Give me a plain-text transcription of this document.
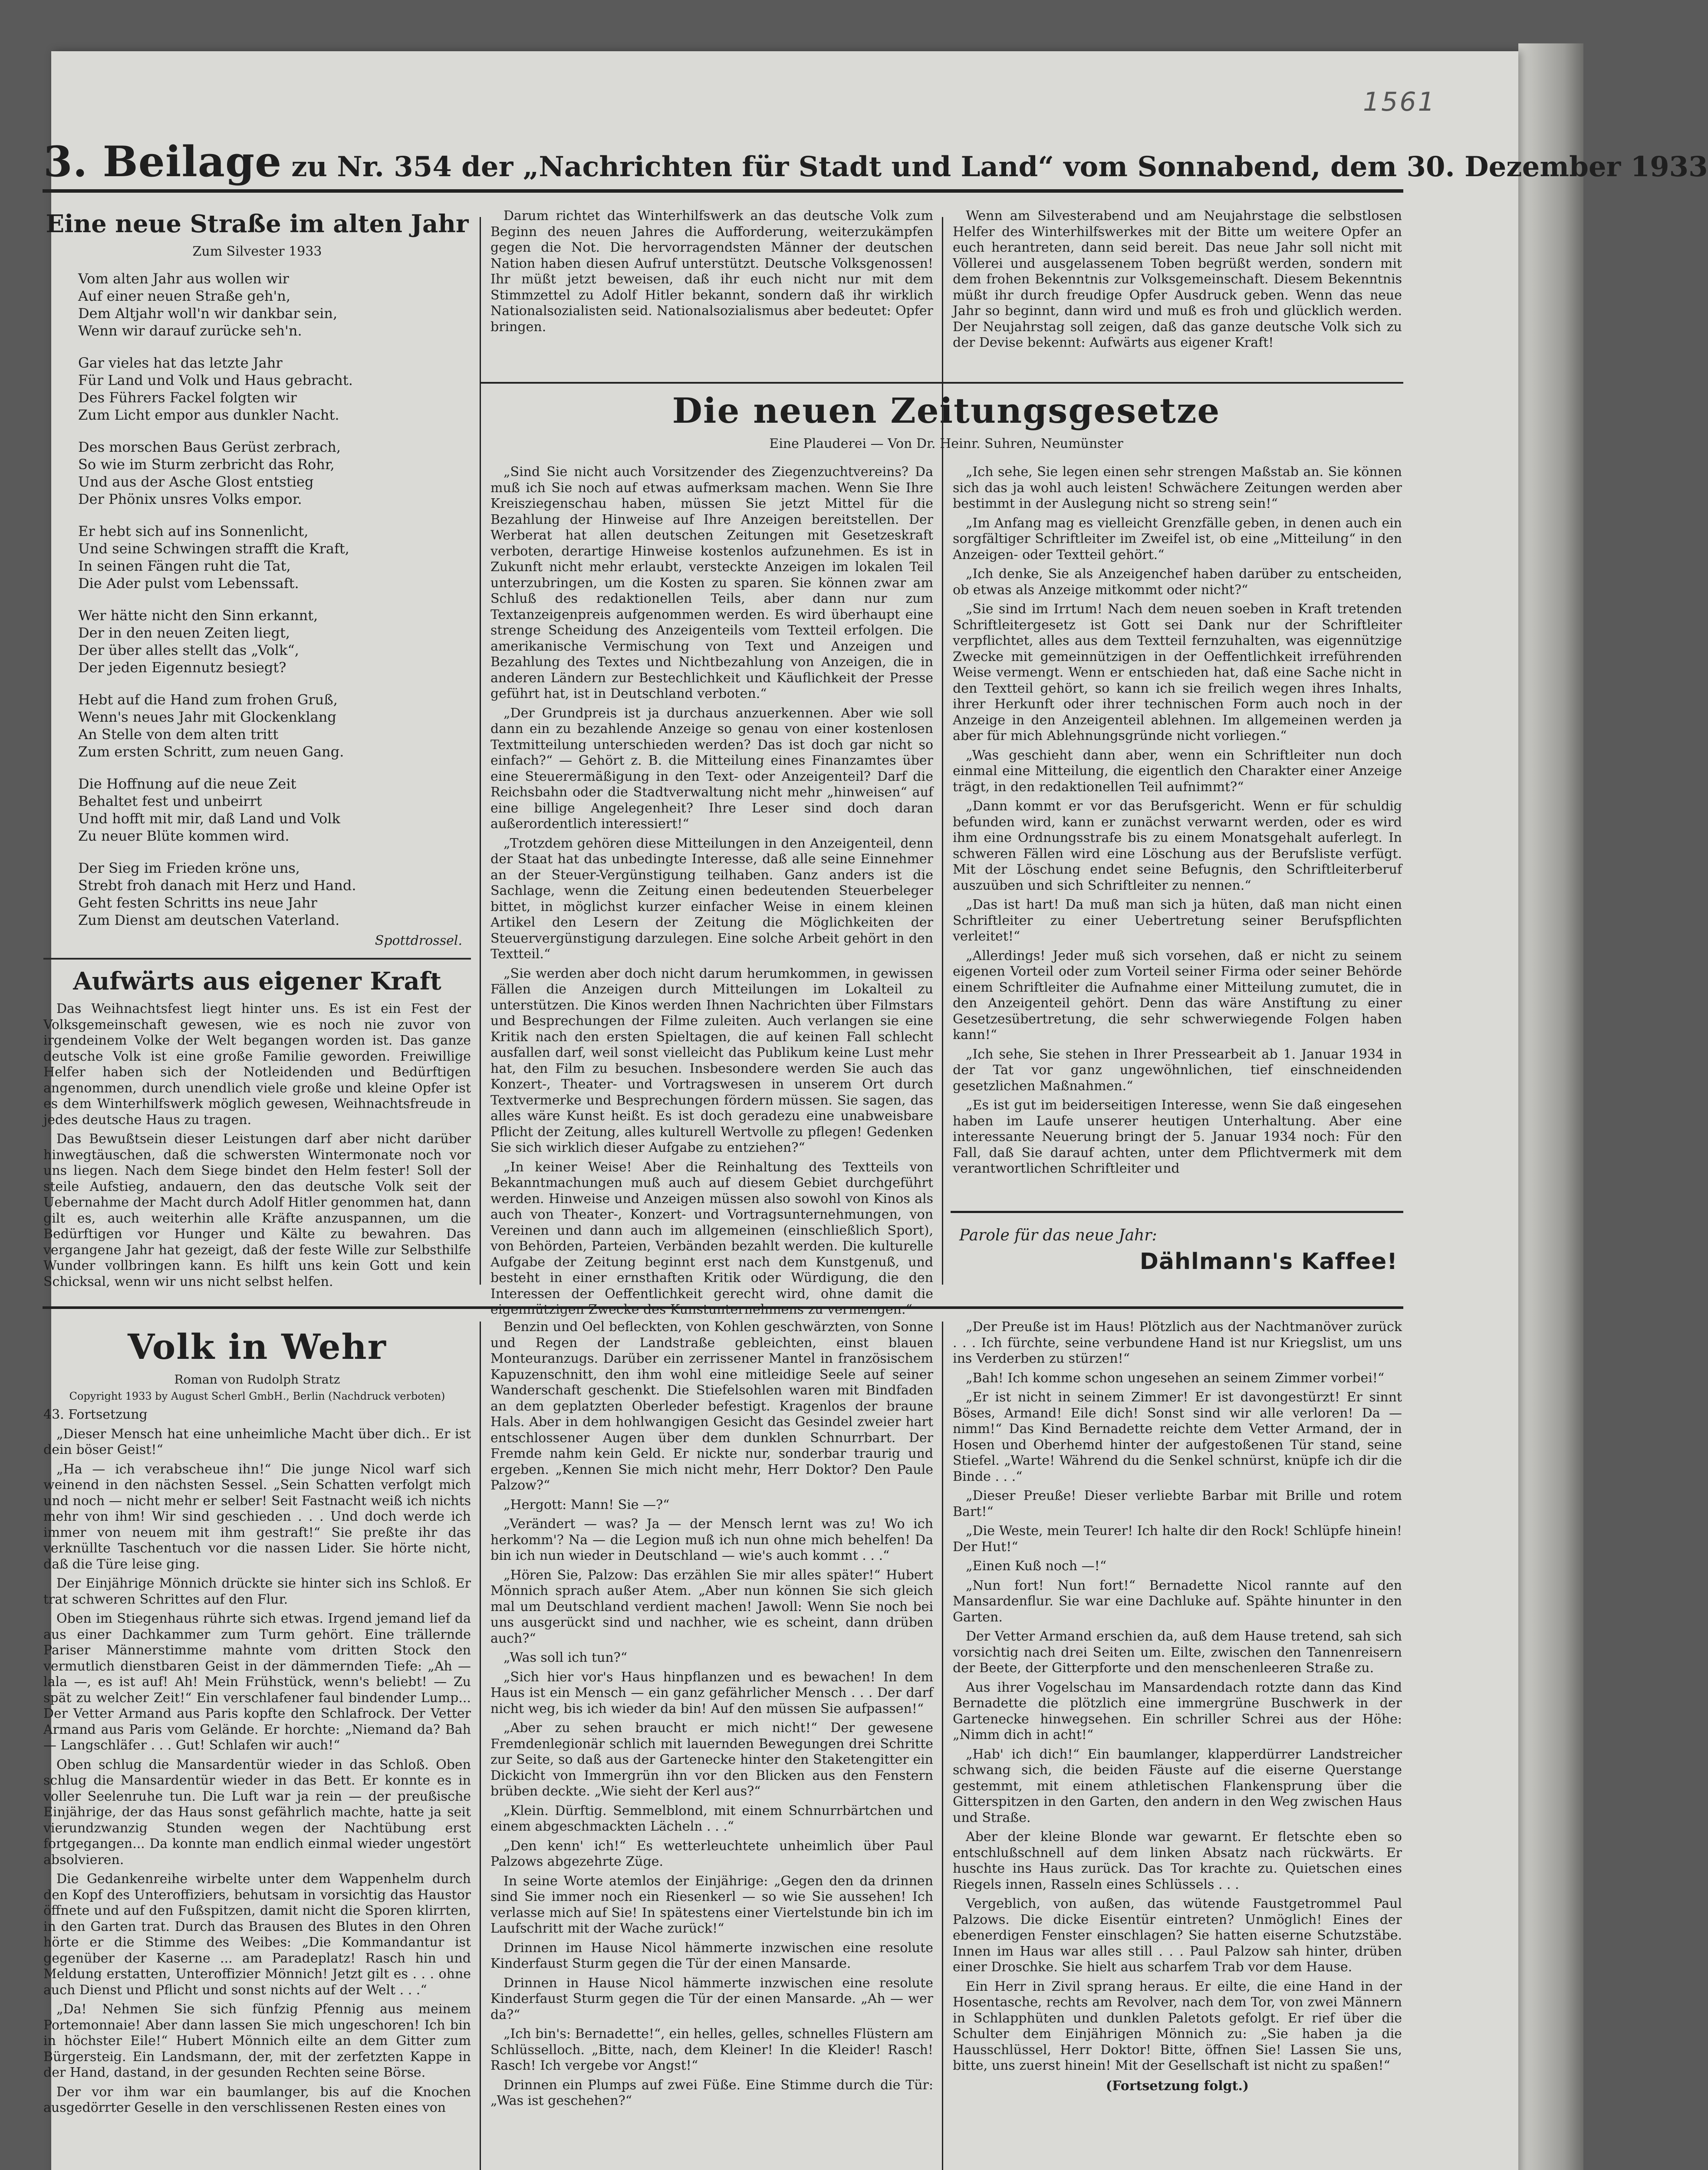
1561
3. Beilage zu Nr. 354 der „Nachrichten für Stadt und Land“ vom Sonnabend, dem 30. Dezember 1933
Eine neue Straße im alten Jahr
Zum Silvester 1933
Vom alten Jahr aus wollen wir
Auf einer neuen Straße geh'n,
Dem Altjahr woll'n wir dankbar sein,
Wenn wir darauf zurücke seh'n.
Gar vieles hat das letzte Jahr
Für Land und Volk und Haus gebracht.
Des Führers Fackel folgten wir
Zum Licht empor aus dunkler Nacht.
Des morschen Baus Gerüst zerbrach,
So wie im Sturm zerbricht das Rohr,
Und aus der Asche Glost entstieg
Der Phönix unsres Volks empor.
Er hebt sich auf ins Sonnenlicht,
Und seine Schwingen strafft die Kraft,
In seinen Fängen ruht die Tat,
Die Ader pulst vom Lebenssaft.
Wer hätte nicht den Sinn erkannt,
Der in den neuen Zeiten liegt,
Der über alles stellt das „Volk“,
Der jeden Eigennutz besiegt?
Hebt auf die Hand zum frohen Gruß,
Wenn's neues Jahr mit Glockenklang
An Stelle von dem alten tritt
Zum ersten Schritt, zum neuen Gang.
Die Hoffnung auf die neue Zeit
Behaltet fest und unbeirrt
Und hofft mit mir, daß Land und Volk
Zu neuer Blüte kommen wird.
Der Sieg im Frieden kröne uns,
Strebt froh danach mit Herz und Hand.
Geht festen Schritts ins neue Jahr
Zum Dienst am deutschen Vaterland.
Spottdrossel.
Aufwärts aus eigener Kraft

Das Weihnachtsfest liegt hinter uns. Es ist ein Fest der Volksgemeinschaft gewesen, wie es noch nie zuvor von irgendeinem Volke der Welt begangen worden ist. Das ganze deutsche Volk ist eine große Familie geworden. Freiwillige Helfer haben sich der Notleidenden und Bedürftigen angenommen, durch unendlich viele große und kleine Opfer ist es dem Winterhilfswerk möglich gewesen, Weihnachtsfreude in jedes deutsche Haus zu tragen.

Das Bewußtsein dieser Leistungen darf aber nicht darüber hinwegtäuschen, daß die schwersten Wintermonate noch vor uns liegen. Nach dem Siege bindet den Helm fester! Soll der steile Aufstieg, andauern, den das deutsche Volk seit der Uebernahme der Macht durch Adolf Hitler genommen hat, dann gilt es, auch weiterhin alle Kräfte anzuspannen, um die Bedürftigen vor Hunger und Kälte zu bewahren. Das vergangene Jahr hat gezeigt, daß der feste Wille zur Selbsthilfe Wunder vollbringen kann. Es hilft uns kein Gott und kein Schicksal, wenn wir uns nicht selbst helfen.

Darum richtet das Winterhilfswerk an das deutsche Volk zum Beginn des neuen Jahres die Aufforderung, weiterzukämpfen gegen die Not. Die hervorragendsten Männer der deutschen Nation haben diesen Aufruf unterstützt. Deutsche Volksgenossen! Ihr müßt jetzt beweisen, daß ihr euch nicht nur mit dem Stimmzettel zu Adolf Hitler bekannt, sondern daß ihr wirklich Nationalsozialisten seid. Nationalsozialismus aber bedeutet: Opfer bringen.

Wenn am Silvesterabend und am Neujahrstage die selbstlosen Helfer des Winterhilfswerkes mit der Bitte um weitere Opfer an euch herantreten, dann seid bereit. Das neue Jahr soll nicht mit Völlerei und ausgelassenem Toben begrüßt werden, sondern mit dem frohen Bekenntnis zur Volksgemeinschaft. Diesem Bekenntnis müßt ihr durch freudige Opfer Ausdruck geben. Wenn das neue Jahr so beginnt, dann wird und muß es froh und glücklich werden. Der Neujahrstag soll zeigen, daß das ganze deutsche Volk sich zu der Devise bekennt: Aufwärts aus eigener Kraft!

Die neuen Zeitungsgesetze
Eine Plauderei — Von Dr. Heinr. Suhren, Neumünster

„Sind Sie nicht auch Vorsitzender des Ziegenzuchtvereins? Da muß ich Sie noch auf etwas aufmerksam machen. Wenn Sie Ihre Kreisziegenschau haben, müssen Sie jetzt Mittel für die Bezahlung der Hinweise auf Ihre Anzeigen bereitstellen. Der Werberat hat allen deutschen Zeitungen mit Gesetzeskraft verboten, derartige Hinweise kostenlos aufzunehmen. Es ist in Zukunft nicht mehr erlaubt, versteckte Anzeigen im lokalen Teil unterzubringen, um die Kosten zu sparen. Sie können zwar am Schluß des redaktionellen Teils, aber dann nur zum Textanzeigenpreis aufgenommen werden. Es wird überhaupt eine strenge Scheidung des Anzeigenteils vom Textteil erfolgen. Die amerikanische Vermischung von Text und Anzeigen und Bezahlung des Textes und Nichtbezahlung von Anzeigen, die in anderen Ländern zur Bestechlichkeit und Käuflichkeit der Presse geführt hat, ist in Deutschland verboten.“

„Der Grundpreis ist ja durchaus anzuerkennen. Aber wie soll dann ein zu bezahlende Anzeige so genau von einer kostenlosen Textmitteilung unterschieden werden? Das ist doch gar nicht so einfach?“ — Gehört z. B. die Mitteilung eines Finanzamtes über eine Steuerermäßigung in den Text- oder Anzeigenteil? Darf die Reichsbahn oder die Stadtverwaltung nicht mehr „hinweisen“ auf eine billige Angelegenheit? Ihre Leser sind doch daran außerordentlich interessiert!“

„Trotzdem gehören diese Mitteilungen in den Anzeigenteil, denn der Staat hat das unbedingte Interesse, daß alle seine Einnehmer an der Steuer-Vergünstigung teilhaben. Ganz anders ist die Sachlage, wenn die Zeitung einen bedeutenden Steuerbeleger bittet, in möglichst kurzer einfacher Weise in einem kleinen Artikel den Lesern der Zeitung die Möglichkeiten der Steuervergünstigung darzulegen. Eine solche Arbeit gehört in den Textteil.“

„Sie werden aber doch nicht darum herumkommen, in gewissen Fällen die Anzeigen durch Mitteilungen im Lokalteil zu unterstützen. Die Kinos werden Ihnen Nachrichten über Filmstars und Besprechungen der Filme zuleiten. Auch verlangen sie eine Kritik nach den ersten Spieltagen, die auf keinen Fall schlecht ausfallen darf, weil sonst vielleicht das Publikum keine Lust mehr hat, den Film zu besuchen. Insbesondere werden Sie auch das Konzert-, Theater- und Vortragswesen in unserem Ort durch Textvermerke und Besprechungen fördern müssen. Sie sagen, das alles wäre Kunst heißt. Es ist doch geradezu eine unabweisbare Pflicht der Zeitung, alles kulturell Wertvolle zu pflegen! Gedenken Sie sich wirklich dieser Aufgabe zu entziehen?“

„In keiner Weise! Aber die Reinhaltung des Textteils von Bekanntmachungen muß auch auf diesem Gebiet durchgeführt werden. Hinweise und Anzeigen müssen also sowohl von Kinos als auch von Theater-, Konzert- und Vortragsunternehmungen, von Vereinen und dann auch im allgemeinen (einschließlich Sport), von Behörden, Parteien, Verbänden bezahlt werden. Die kulturelle Aufgabe der Zeitung beginnt erst nach dem Kunstgenuß, und besteht in einer ernsthaften Kritik oder Würdigung, die den Interessen der Oeffentlichkeit gerecht wird, ohne damit die eigennützigen Zwecke des Kunstunternehmens zu vermengen.“

„Ich sehe, Sie legen einen sehr strengen Maßstab an. Sie können sich das ja wohl auch leisten! Schwächere Zeitungen werden aber bestimmt in der Auslegung nicht so streng sein!“

„Im Anfang mag es vielleicht Grenzfälle geben, in denen auch ein sorgfältiger Schriftleiter im Zweifel ist, ob eine „Mitteilung“ in den Anzeigen- oder Textteil gehört.“

„Ich denke, Sie als Anzeigenchef haben darüber zu entscheiden, ob etwas als Anzeige mitkommt oder nicht?“

„Sie sind im Irrtum! Nach dem neuen soeben in Kraft tretenden Schriftleitergesetz ist Gott sei Dank nur der Schriftleiter verpflichtet, alles aus dem Textteil fernzuhalten, was eigennützige Zwecke mit gemeinnützigen in der Oeffentlichkeit irreführenden Weise vermengt. Wenn er entschieden hat, daß eine Sache nicht in den Textteil gehört, so kann ich sie freilich wegen ihres Inhalts, ihrer Herkunft oder ihrer technischen Form auch noch in der Anzeige in den Anzeigenteil ablehnen. Im allgemeinen werden ja aber für mich Ablehnungsgründe nicht vorliegen.“

„Was geschieht dann aber, wenn ein Schriftleiter nun doch einmal eine Mitteilung, die eigentlich den Charakter einer Anzeige trägt, in den redaktionellen Teil aufnimmt?“

„Dann kommt er vor das Berufsgericht. Wenn er für schuldig befunden wird, kann er zunächst verwarnt werden, oder es wird ihm eine Ordnungsstrafe bis zu einem Monatsgehalt auferlegt. In schweren Fällen wird eine Löschung aus der Berufsliste verfügt. Mit der Löschung endet seine Befugnis, den Schriftleiterberuf auszuüben und sich Schriftleiter zu nennen.“

„Das ist hart! Da muß man sich ja hüten, daß man nicht einen Schriftleiter zu einer Uebertretung seiner Berufspflichten verleitet!“

„Allerdings! Jeder muß sich vorsehen, daß er nicht zu seinem eigenen Vorteil oder zum Vorteil seiner Firma oder seiner Behörde einem Schriftleiter die Aufnahme einer Mitteilung zumutet, die in den Anzeigenteil gehört. Denn das wäre Anstiftung zu einer Gesetzesübertretung, die sehr schwerwiegende Folgen haben kann!“

„Ich sehe, Sie stehen in Ihrer Pressearbeit ab 1. Januar 1934 in der Tat vor ganz ungewöhnlichen, tief einschneidenden gesetzlichen Maßnahmen.“

„Es ist gut im beiderseitigen Interesse, wenn Sie daß eingesehen haben im Laufe unserer heutigen Unterhaltung. Aber eine interessante Neuerung bringt der 5. Januar 1934 noch: Für den Fall, daß Sie darauf achten, unter dem Pflichtvermerk mit dem verantwortlichen Schriftleiter und

Parole für das neue Jahr:
Dählmann's Kaffee!
Volk in Wehr
Roman von Rudolph Stratz
Copyright 1933 by August Scherl GmbH., Berlin (Nachdruck verboten)

43. Fortsetzung

„Dieser Mensch hat eine unheimliche Macht über dich.. Er ist dein böser Geist!“

„Ha — ich verabscheue ihn!“ Die junge Nicol warf sich weinend in den nächsten Sessel. „Sein Schatten verfolgt mich und noch — nicht mehr er selber! Seit Fastnacht weiß ich nichts mehr von ihm! Wir sind geschieden . . . Und doch werde ich immer von neuem mit ihm gestraft!“ Sie preßte ihr das verknüllte Taschentuch vor die nassen Lider. Sie hörte nicht, daß die Türe leise ging.

Der Einjährige Mönnich drückte sie hinter sich ins Schloß. Er trat schweren Schrittes auf den Flur.

Oben im Stiegenhaus rührte sich etwas. Irgend jemand lief da aus einer Dachkammer zum Turm gehört. Eine trällernde Pariser Männerstimme mahnte vom dritten Stock den vermutlich dienstbaren Geist in der dämmernden Tiefe: „Ah — lala —, es ist auf! Ah! Mein Frühstück, wenn's beliebt! — Zu spät zu welcher Zeit!“ Ein verschlafener faul bindender Lump... Der Vetter Armand aus Paris kopfte den Schlafrock. Der Vetter Armand aus Paris vom Gelände. Er horchte: „Niemand da? Bah — Langschläfer . . . Gut! Schlafen wir auch!“

Oben schlug die Mansardentür wieder in das Schloß. Oben schlug die Mansardentür wieder in das Bett. Er konnte es in voller Seelenruhe tun. Die Luft war ja rein — der preußische Einjährige, der das Haus sonst gefährlich machte, hatte ja seit vierundzwanzig Stunden wegen der Nachtübung erst fortgegangen... Da konnte man endlich einmal wieder ungestört absolvieren.

Die Gedankenreihe wirbelte unter dem Wappenhelm durch den Kopf des Unteroffiziers, behutsam in vorsichtig das Haustor öffnete und auf den Fußspitzen, damit nicht die Sporen klirrten, in den Garten trat. Durch das Brausen des Blutes in den Ohren hörte er die Stimme des Weibes: „Die Kommandantur ist gegenüber der Kaserne ... am Paradeplatz! Rasch hin und Meldung erstatten, Unteroffizier Mönnich! Jetzt gilt es . . . ohne auch Dienst und Pflicht und sonst nichts auf der Welt . . .“

„Da! Nehmen Sie sich fünfzig Pfennig aus meinem Portemonnaie! Aber dann lassen Sie mich ungeschoren! Ich bin in höchster Eile!“ Hubert Mönnich eilte an dem Gitter zum Bürgersteig. Ein Landsmann, der, mit der zerfetzten Kappe in der Hand, dastand, in der gesunden Rechten seine Börse.

Der vor ihm war ein baumlanger, bis auf die Knochen ausgedörrter Geselle in den verschlissenen Resten eines von

Benzin und Oel befleckten, von Kohlen geschwärzten, von Sonne und Regen der Landstraße gebleichten, einst blauen Monteuranzugs. Darüber ein zerrissener Mantel in französischem Kapuzenschnitt, den ihm wohl eine mitleidige Seele auf seiner Wanderschaft geschenkt. Die Stiefelsohlen waren mit Bindfaden an dem geplatzten Oberleder befestigt. Kragenlos der braune Hals. Aber in dem hohlwangigen Gesicht das Gesindel zweier hart entschlossener Augen über dem dunklen Schnurrbart. Der Fremde nahm kein Geld. Er nickte nur, sonderbar traurig und ergeben. „Kennen Sie mich nicht mehr, Herr Doktor? Den Paule Palzow?“

„Hergott: Mann! Sie —?“

„Verändert — was? Ja — der Mensch lernt was zu! Wo ich herkomm'? Na — die Legion muß ich nun ohne mich behelfen! Da bin ich nun wieder in Deutschland — wie's auch kommt . . .“

„Hören Sie, Palzow: Das erzählen Sie mir alles später!“ Hubert Mönnich sprach außer Atem. „Aber nun können Sie sich gleich mal um Deutschland verdient machen! Jawoll: Wenn Sie noch bei uns ausgerückt sind und nachher, wie es scheint, dann drüben auch?“

„Was soll ich tun?“

„Sich hier vor's Haus hinpflanzen und es bewachen! In dem Haus ist ein Mensch — ein ganz gefährlicher Mensch . . . Der darf nicht weg, bis ich wieder da bin! Auf den müssen Sie aufpassen!“

„Aber zu sehen braucht er mich nicht!“ Der gewesene Fremdenlegionär schlich mit lauernden Bewegungen drei Schritte zur Seite, so daß aus der Gartenecke hinter den Staketengitter ein Dickicht von Immergrün ihn vor den Blicken aus den Fenstern brüben deckte. „Wie sieht der Kerl aus?“

„Klein. Dürftig. Semmelblond, mit einem Schnurrbärtchen und einem abgeschmackten Lächeln . . .“

„Den kenn' ich!“ Es wetterleuchtete unheimlich über Paul Palzows abgezehrte Züge.

In seine Worte atemlos der Einjährige: „Gegen den da drinnen sind Sie immer noch ein Riesenkerl — so wie Sie aussehen! Ich verlasse mich auf Sie! In spätestens einer Viertelstunde bin ich im Laufschritt mit der Wache zurück!“

Drinnen im Hause Nicol hämmerte inzwischen eine resolute Kinderfaust Sturm gegen die Tür der einen Mansarde.

Drinnen in Hause Nicol hämmerte inzwischen eine resolute Kinderfaust Sturm gegen die Tür der einen Mansarde. „Ah — wer da?“

„Ich bin's: Bernadette!“, ein helles, gelles, schnelles Flüstern am Schlüsselloch. „Bitte, nach, dem Kleiner! In die Kleider! Rasch! Rasch! Ich vergebe vor Angst!“

Drinnen ein Plumps auf zwei Füße. Eine Stimme durch die Tür: „Was ist geschehen?“

„Der Preuße ist im Haus! Plötzlich aus der Nachtmanöver zurück . . . Ich fürchte, seine verbundene Hand ist nur Kriegslist, um uns ins Verderben zu stürzen!“

„Bah! Ich komme schon ungesehen an seinem Zimmer vorbei!“

„Er ist nicht in seinem Zimmer! Er ist davongestürzt! Er sinnt Böses, Armand! Eile dich! Sonst sind wir alle verloren! Da — nimm!“ Das Kind Bernadette reichte dem Vetter Armand, der in Hosen und Oberhemd hinter der aufgestoßenen Tür stand, seine Stiefel. „Warte! Während du die Senkel schnürst, knüpfe ich dir die Binde . . .“

„Dieser Preuße! Dieser verliebte Barbar mit Brille und rotem Bart!“

„Die Weste, mein Teurer! Ich halte dir den Rock! Schlüpfe hinein! Der Hut!“

„Einen Kuß noch —!“

„Nun fort! Nun fort!“ Bernadette Nicol rannte auf den Mansardenflur. Sie war eine Dachluke auf. Spähte hinunter in den Garten.

Der Vetter Armand erschien da, auß dem Hause tretend, sah sich vorsichtig nach drei Seiten um. Eilte, zwischen den Tannenreisern der Beete, der Gitterpforte und den menschenleeren Straße zu.

Aus ihrer Vogelschau im Mansardendach rotzte dann das Kind Bernadette die plötzlich eine immergrüne Buschwerk in der Gartenecke hinwegsehen. Ein schriller Schrei aus der Höhe: „Nimm dich in acht!“

„Hab' ich dich!“ Ein baumlanger, klapperdürrer Landstreicher schwang sich, die beiden Fäuste auf die eiserne Querstange gestemmt, mit einem athletischen Flankensprung über die Gitterspitzen in den Garten, den andern in den Weg zwischen Haus und Straße.

Aber der kleine Blonde war gewarnt. Er fletschte eben so entschlußschnell auf dem linken Absatz nach rückwärts. Er huschte ins Haus zurück. Das Tor krachte zu. Quietschen eines Riegels innen, Rasseln eines Schlüssels . . .

Vergeblich, von außen, das wütende Faustgetrommel Paul Palzows. Die dicke Eisentür eintreten? Unmöglich! Eines der ebenerdigen Fenster einschlagen? Sie hatten eiserne Schutzstäbe. Innen im Haus war alles still . . . Paul Palzow sah hinter, drüben einer Droschke. Sie hielt aus scharfem Trab vor dem Hause.

Ein Herr in Zivil sprang heraus. Er eilte, die eine Hand in der Hosentasche, rechts am Revolver, nach dem Tor, von zwei Männern in Schlapphüten und dunklen Paletots gefolgt. Er rief über die Schulter dem Einjährigen Mönnich zu: „Sie haben ja die Hausschlüssel, Herr Doktor! Bitte, öffnen Sie! Lassen Sie uns, bitte, uns zuerst hinein! Mit der Gesellschaft ist nicht zu spaßen!“

(Fortsetzung folgt.)
